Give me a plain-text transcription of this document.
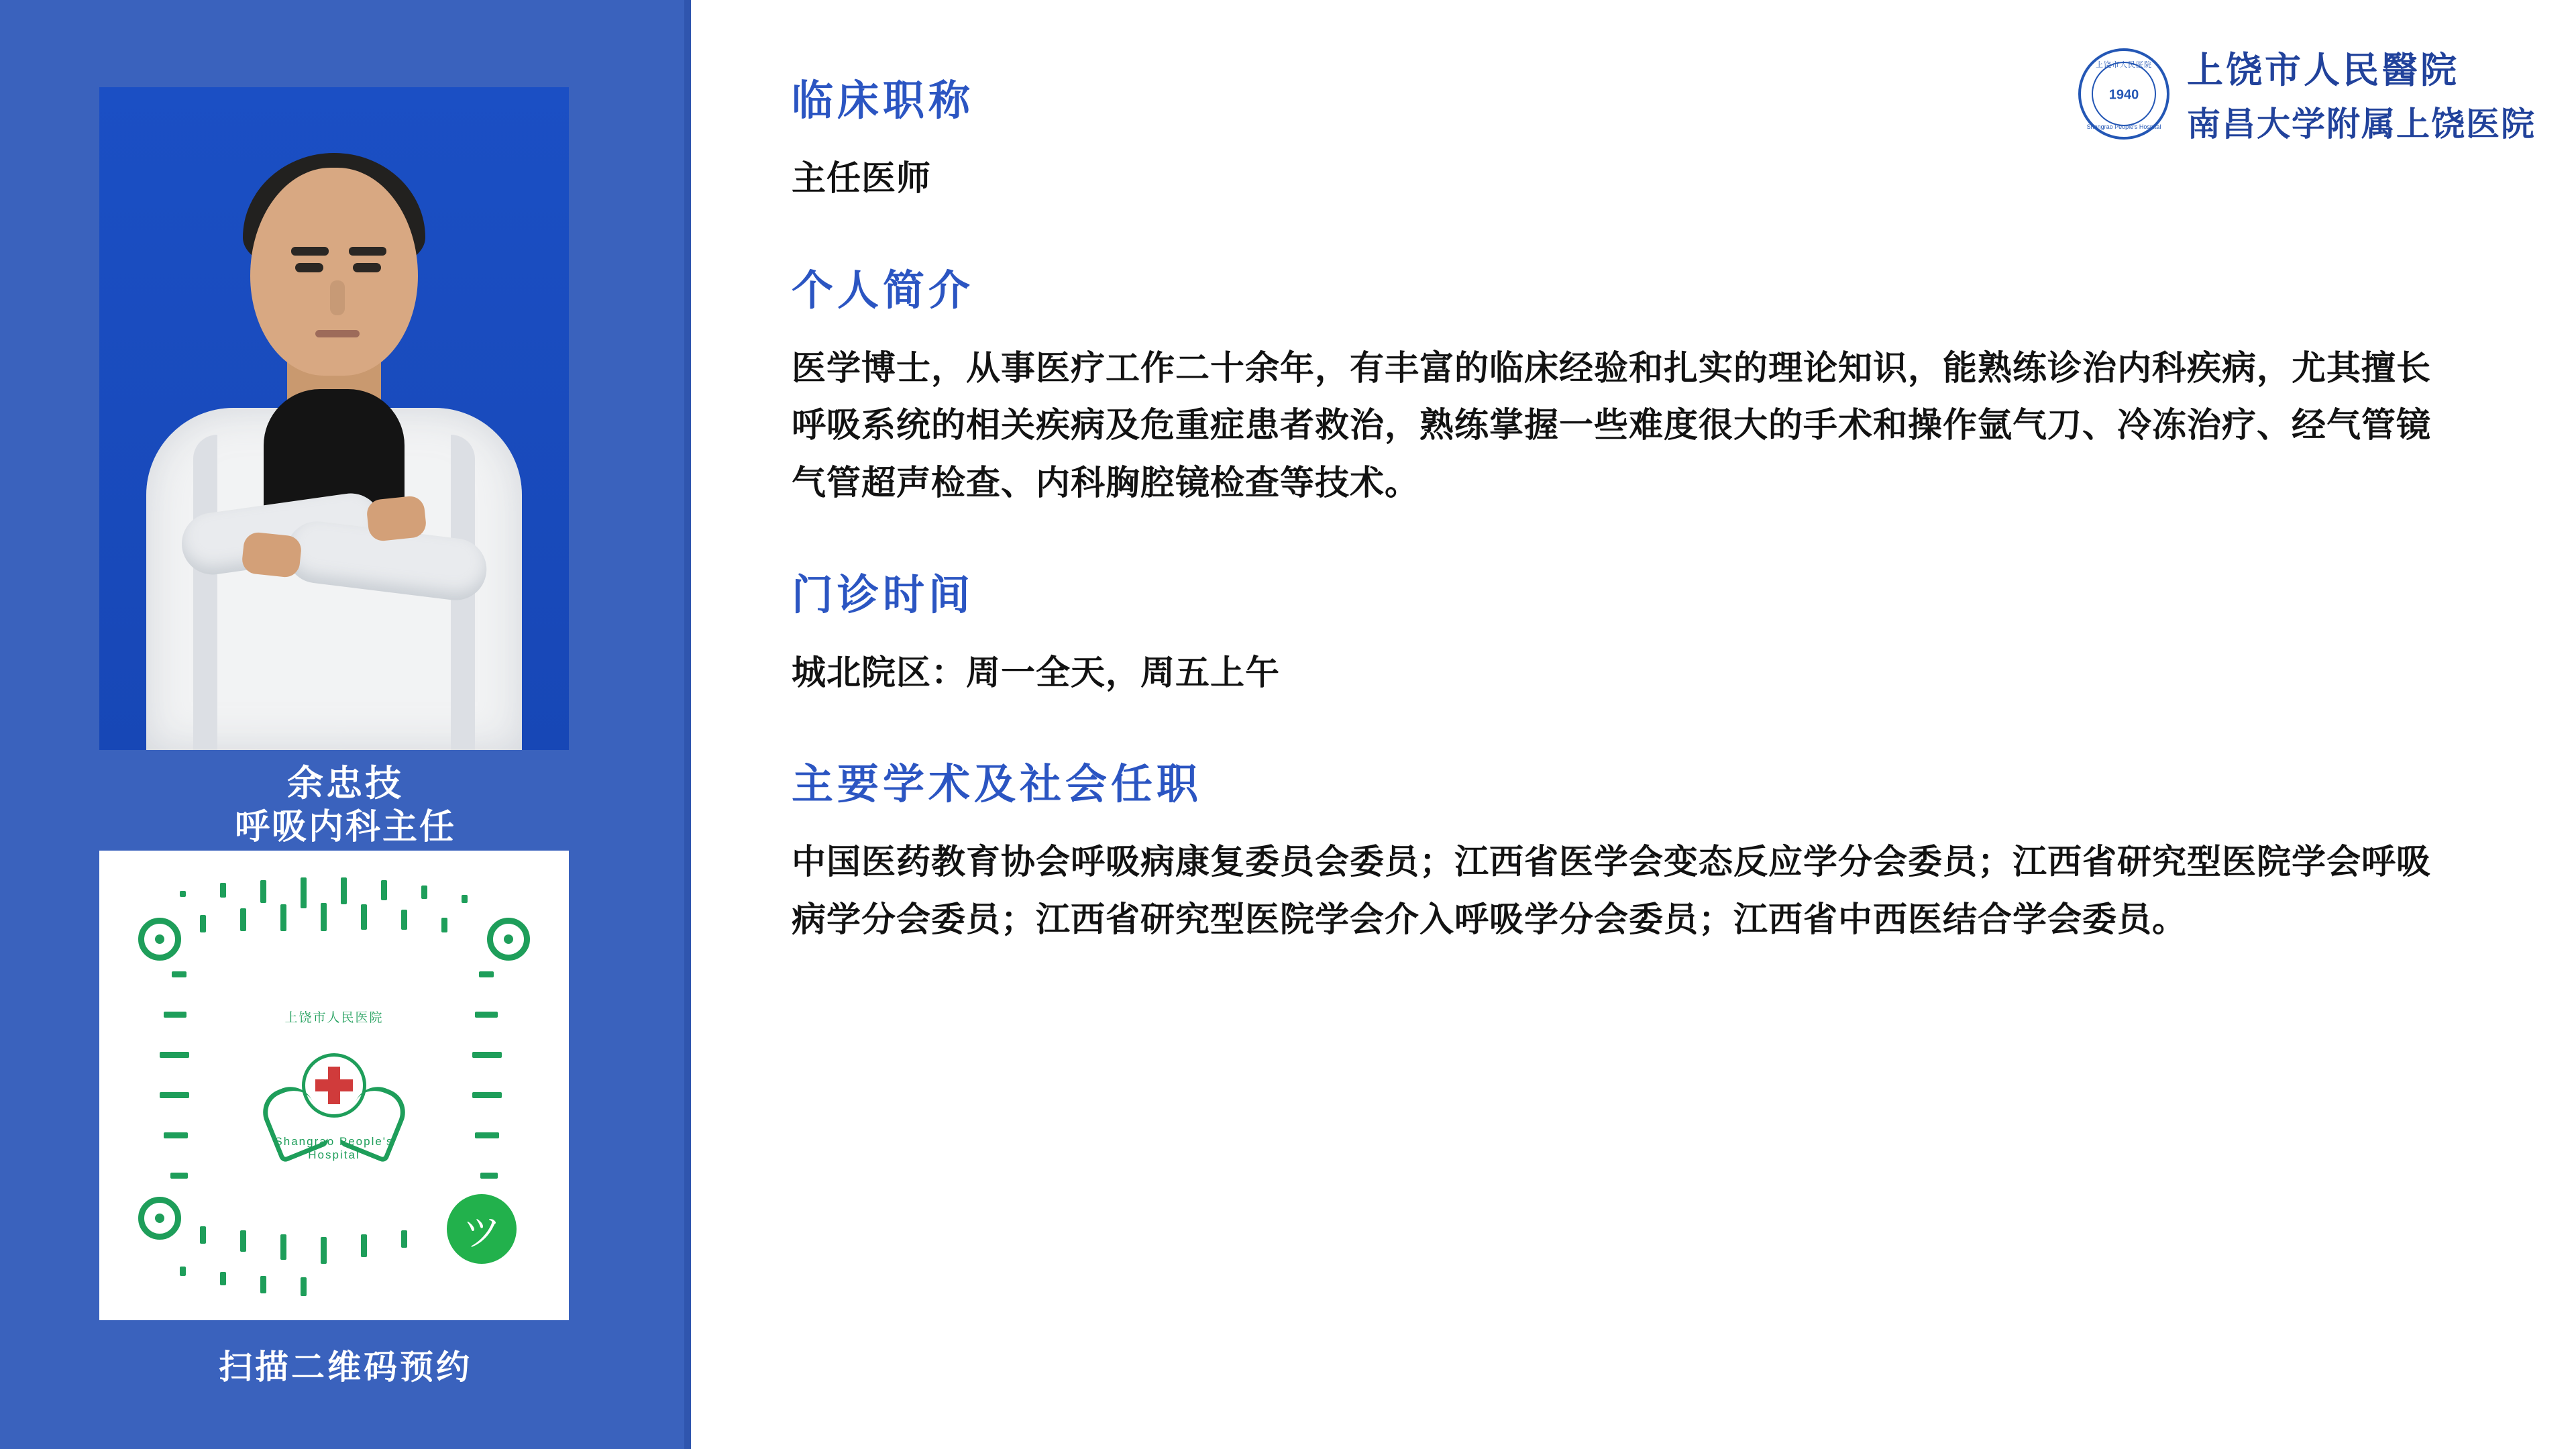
余忠技
呼吸内科主任
上饶市人民医院
Shangrao People's Hospital
ツ
扫描二维码预约
上饶市人民医院
1940
Shangrao People's Hospital
上饶市人民醫院
南昌大学附属上饶医院
临床职称
主任医师
个人简介
医学博士，从事医疗工作二十余年，有丰富的临床经验和扎实的理论知识，能熟练诊治内科疾病，尤其擅长呼吸系统的相关疾病及危重症患者救治，熟练掌握一些难度很大的手术和操作氩气刀、冷冻治疗、经气管镜气管超声检查、内科胸腔镜检查等技术。
门诊时间
城北院区：周一全天，周五上午
主要学术及社会任职
中国医药教育协会呼吸病康复委员会委员；江西省医学会变态反应学分会委员；江西省研究型医院学会呼吸病学分会委员；江西省研究型医院学会介入呼吸学分会委员；江西省中西医结合学会委员。
